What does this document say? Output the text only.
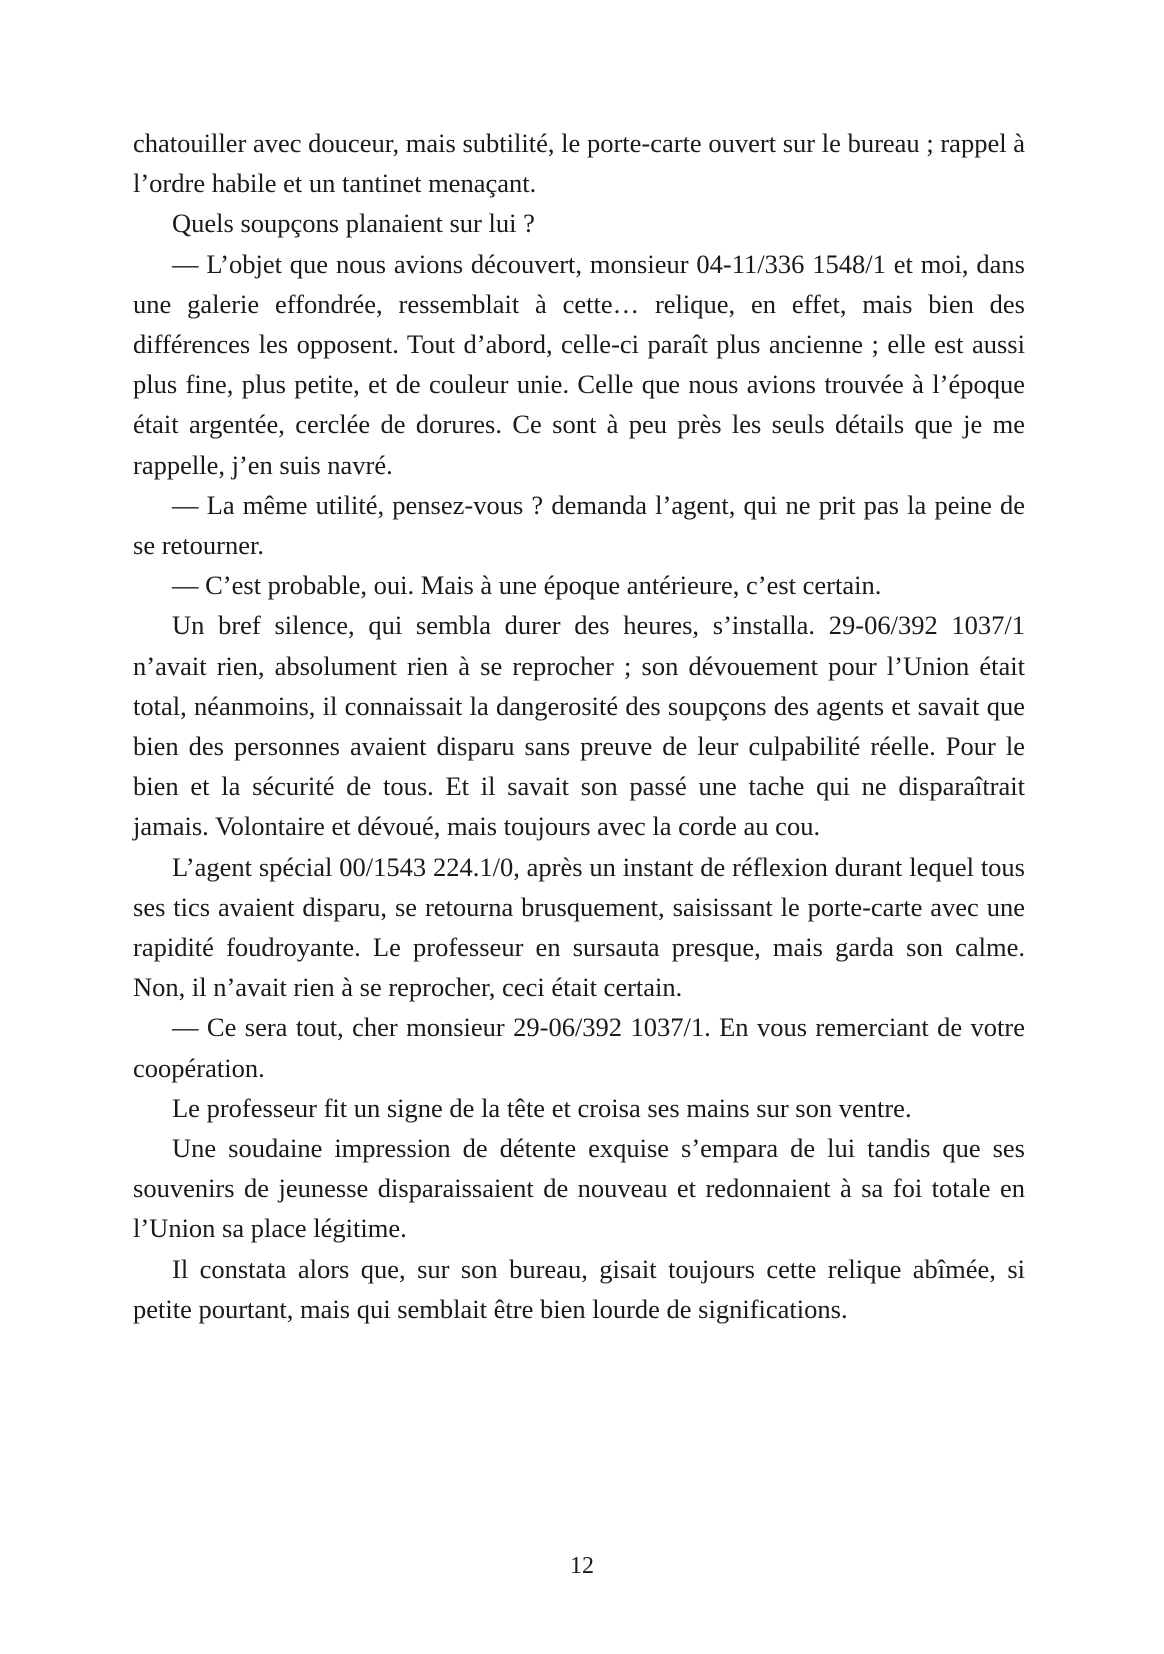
chatouiller avec douceur, mais subtilité, le porte-carte ouvert sur le bureau ; rappel à l’ordre habile et un tantinet menaçant.

Quels soupçons planaient sur lui ?

— L’objet que nous avions découvert, monsieur 04-11/336 1548/1 et moi, dans une galerie effondrée, ressemblait à cette… relique, en effet, mais bien des différences les opposent. Tout d’abord, celle-ci paraît plus ancienne ; elle est aussi plus fine, plus petite, et de couleur unie. Celle que nous avions trouvée à l’époque était argentée, cerclée de dorures. Ce sont à peu près les seuls détails que je me rappelle, j’en suis navré.

— La même utilité, pensez-vous ? demanda l’agent, qui ne prit pas la peine de se retourner.

— C’est probable, oui. Mais à une époque antérieure, c’est certain.

Un bref silence, qui sembla durer des heures, s’installa. 29-06/392 1037/1 n’avait rien, absolument rien à se reprocher ; son dévouement pour l’Union était total, néanmoins, il connaissait la dangerosité des soupçons des agents et savait que bien des personnes avaient disparu sans preuve de leur culpabilité réelle. Pour le bien et la sécurité de tous. Et il savait son passé une tache qui ne disparaîtrait jamais. Volontaire et dévoué, mais toujours avec la corde au cou.

L’agent spécial 00/1543 224.1/0, après un instant de réflexion durant lequel tous ses tics avaient disparu, se retourna brusquement, saisissant le porte-carte avec une rapidité foudroyante. Le professeur en sursauta presque, mais garda son calme. Non, il n’avait rien à se reprocher, ceci était certain.

— Ce sera tout, cher monsieur 29-06/392 1037/1. En vous remerciant de votre coopération.

Le professeur fit un signe de la tête et croisa ses mains sur son ventre.

Une soudaine impression de détente exquise s’empara de lui tandis que ses souvenirs de jeunesse disparaissaient de nouveau et redonnaient à sa foi totale en l’Union sa place légitime.

Il constata alors que, sur son bureau, gisait toujours cette relique abîmée, si petite pourtant, mais qui semblait être bien lourde de significations.

12
